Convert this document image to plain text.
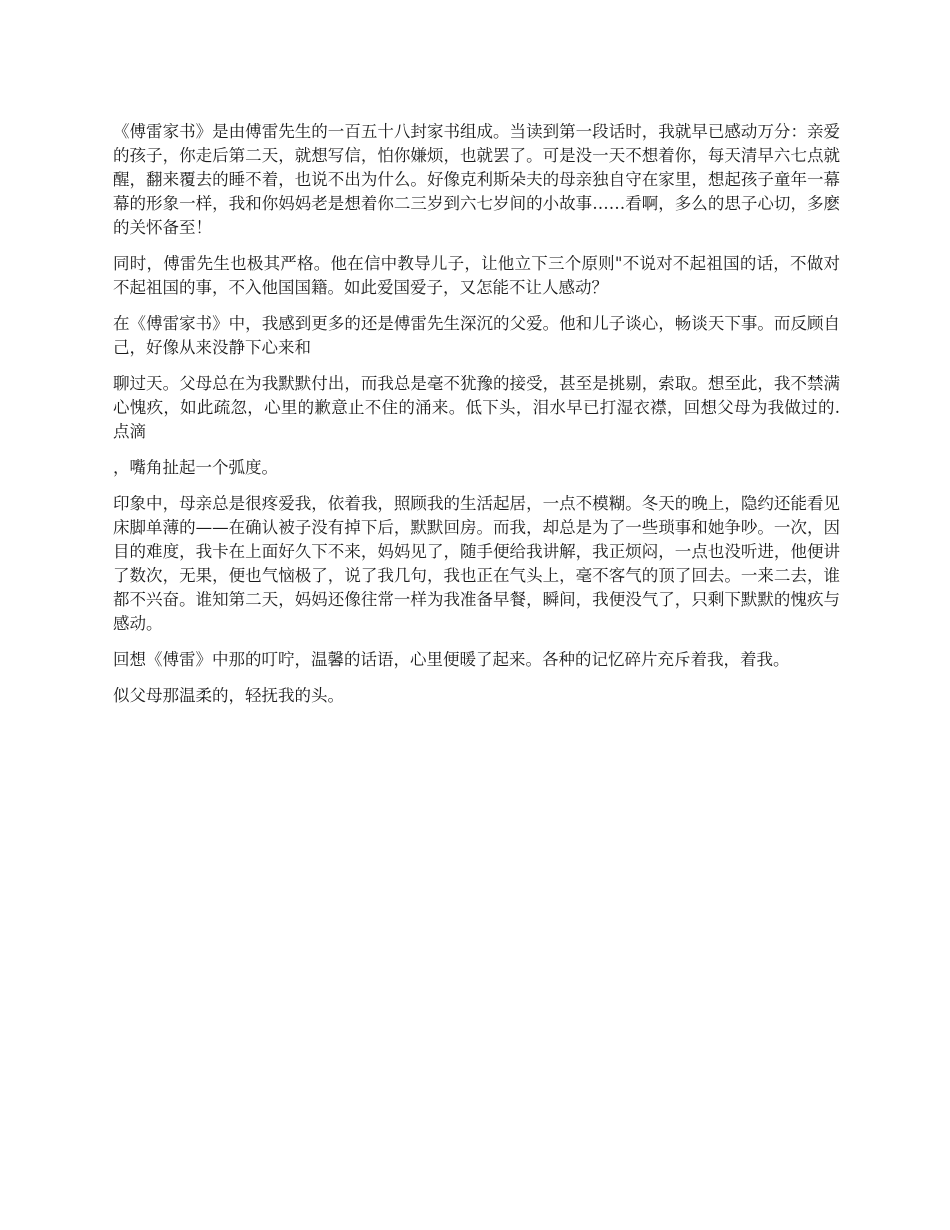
《傅雷家书》是由傅雷先生的一百五十八封家书组成。当读到第一段话时，我就早已感动万分：亲爱的孩子，你走后第二天，就想写信，怕你嫌烦，也就罢了。可是没一天不想着你，每天清早六七点就醒，翻来覆去的睡不着，也说不出为什么。好像克利斯朵夫的母亲独自守在家里，想起孩子童年一幕幕的形象一样，我和你妈妈老是想着你二三岁到六七岁间的小故事……看啊，多么的思子心切，多麽的关怀备至！

同时，傅雷先生也极其严格。他在信中教导儿子，让他立下三个原则"不说对不起祖国的话，不做对不起祖国的事，不入他国国籍。如此爱国爱子，又怎能不让人感动？

在《傅雷家书》中，我感到更多的还是傅雷先生深沉的父爱。他和儿子谈心，畅谈天下事。而反顾自己，好像从来没静下心来和

聊过天。父母总在为我默默付出，而我总是毫不犹豫的接受，甚至是挑剔，索取。想至此，我不禁满心愧疚，如此疏忽，心里的歉意止不住的涌来。低下头，泪水早已打湿衣襟，回想父母为我做过的.点滴

，嘴角扯起一个弧度。

印象中，母亲总是很疼爱我，依着我，照顾我的生活起居，一点不模糊。冬天的晚上，隐约还能看见床脚单薄的——在确认被子没有掉下后，默默回房。而我，却总是为了一些琐事和她争吵。一次，因目的难度，我卡在上面好久下不来，妈妈见了，随手便给我讲解，我正烦闷，一点也没听进，他便讲了数次，无果，便也气恼极了，说了我几句，我也正在气头上，毫不客气的顶了回去。一来二去，谁都不兴奋。谁知第二天，妈妈还像往常一样为我准备早餐，瞬间，我便没气了，只剩下默默的愧疚与感动。

回想《傅雷》中那的叮咛，温馨的话语，心里便暖了起来。各种的记忆碎片充斥着我，着我。

似父母那温柔的，轻抚我的头。
